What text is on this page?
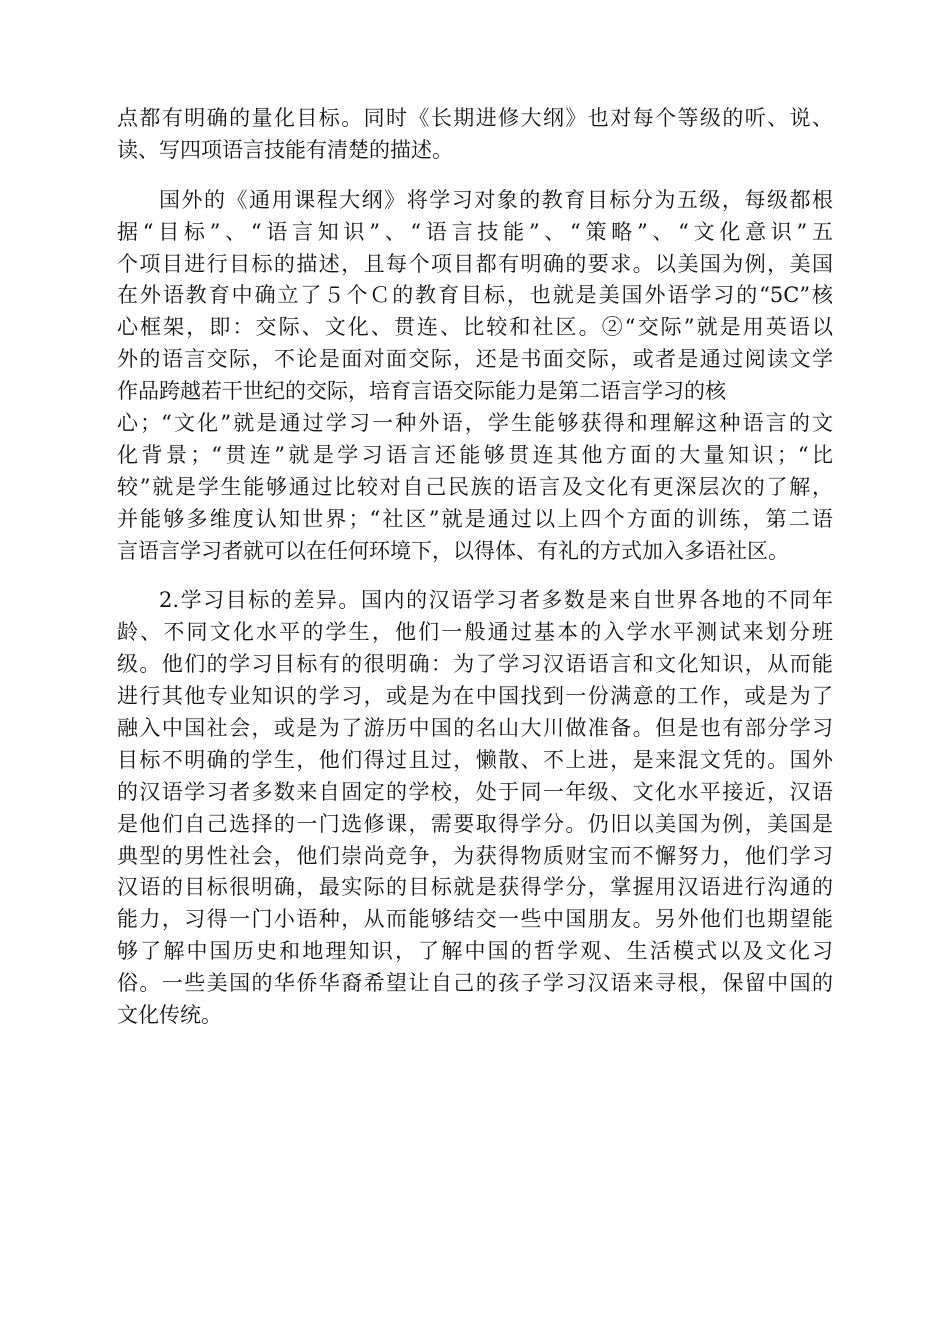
点都有明确的量化目标。同时《长期进修大纲》也对每个等级的听、说、
读、写四项语言技能有清楚的描述。
国外的《通用课程大纲》将学习对象的教育目标分为五级，每级都根
据“目标”、“语言知识”、“语言技能”、“策略”、“文化意识”五
个项目进行目标的描述，且每个项目都有明确的要求。以美国为例，美国
在外语教育中确立了５个Ｃ的教育目标，也就是美国外语学习的“5C”核
心框架，即：交际、文化、贯连、比较和社区。②“交际”就是用英语以
外的语言交际，不论是面对面交际，还是书面交际，或者是通过阅读文学
作品跨越若干世纪的交际，培育言语交际能力是第二语言学习的核
心；“文化”就是通过学习一种外语，学生能够获得和理解这种语言的文
化背景；“贯连”就是学习语言还能够贯连其他方面的大量知识；“比
较”就是学生能够通过比较对自己民族的语言及文化有更深层次的了解，
并能够多维度认知世界；“社区”就是通过以上四个方面的训练，第二语
言语言学习者就可以在任何环境下，以得体、有礼的方式加入多语社区。
2.学习目标的差异。国内的汉语学习者多数是来自世界各地的不同年
龄、不同文化水平的学生，他们一般通过基本的入学水平测试来划分班
级。他们的学习目标有的很明确：为了学习汉语语言和文化知识，从而能
进行其他专业知识的学习，或是为在中国找到一份满意的工作，或是为了
融入中国社会，或是为了游历中国的名山大川做准备。但是也有部分学习
目标不明确的学生，他们得过且过，懒散、不上进，是来混文凭的。国外
的汉语学习者多数来自固定的学校，处于同一年级、文化水平接近，汉语
是他们自己选择的一门选修课，需要取得学分。仍旧以美国为例，美国是
典型的男性社会，他们崇尚竞争，为获得物质财宝而不懈努力，他们学习
汉语的目标很明确，最实际的目标就是获得学分，掌握用汉语进行沟通的
能力，习得一门小语种，从而能够结交一些中国朋友。另外他们也期望能
够了解中国历史和地理知识，了解中国的哲学观、生活模式以及文化习
俗。一些美国的华侨华裔希望让自己的孩子学习汉语来寻根，保留中国的
文化传统。
